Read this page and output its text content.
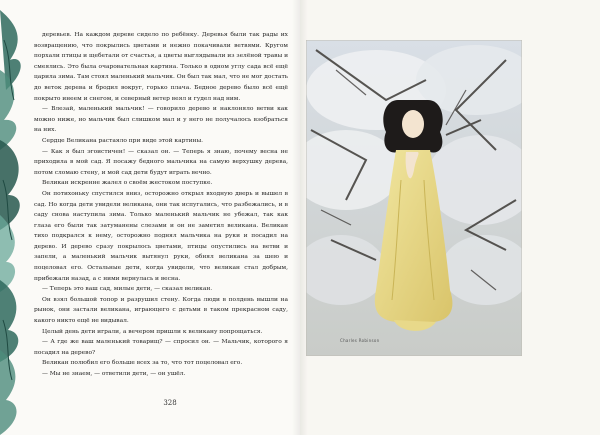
деревьев. На каждом дереве сидело по ребёнку. Деревья были так рады их возвращению, что покрылись цветами и нежно покачивали ветвями. Кругом порхали птицы и щебетали от счастья, а цветы выглядывали из зелёной травы и смеялись. Это была очаровательная картина. Только в одном углу сада всё ещё царила зима. Там стоял маленький мальчик. Он был так мал, что не мог достать до веток дерева и бродил вокруг, горько плача. Бедное дерево было всё ещё покрыто инеем и снегом, и северный ветер веял и гудел над ним.

— Влезай, маленький мальчик! — говорило дерево и наклоняло ветви как можно ниже, но мальчик был слишком мал и у него не получалось взобраться на них.

Сердце Великана растаяло при виде этой картины.

— Как я был эгоистичен! — сказал он. — Теперь я знаю, почему весна не приходила в мой сад. Я посажу бедного мальчика на самую верхушку дерева, потом сломаю стену, и мой сад дети будут играть вечно.

Великан искренне жалел о своём жестоком поступке.

Он потихоньку спустился вниз, осторожно открыл входную дверь и вышел в сад. Но когда дети увидели великана, они так испугались, что разбежались, и в саду снова наступила зима. Только маленький мальчик не убежал, так как глаза его были так затуманены слезами и он не заметил великана. Великан тихо подкрался к нему, осторожно поднял мальчика на руки и посадил на дерево. И дерево сразу покрылось цветами, птицы опустились на ветви и запели, а маленький мальчик вытянул руки, обнял великана за шею и поцеловал его. Остальные дети, когда увидели, что великан стал добрым, прибежали назад, а с ними вернулась и весна.

— Теперь это ваш сад, милые дети, — сказал великан.

Он взял большой топор и разрушил стену. Когда люди в полдень вышли на рынок, они застали великана, играющего с детьми в таком прекрасном саду, какого никто ещё не видывал.

Целый день дети играли, а вечером пришли к великану попрощаться.

— А где же ваш маленький товарищ? — спросил он. — Мальчик, которого я посадил на дерево?

Великан полюбил его больше всех за то, что тот поцеловал его.

— Мы не знаем, — ответили дети, — он ушёл.

328
Charles Robinson
